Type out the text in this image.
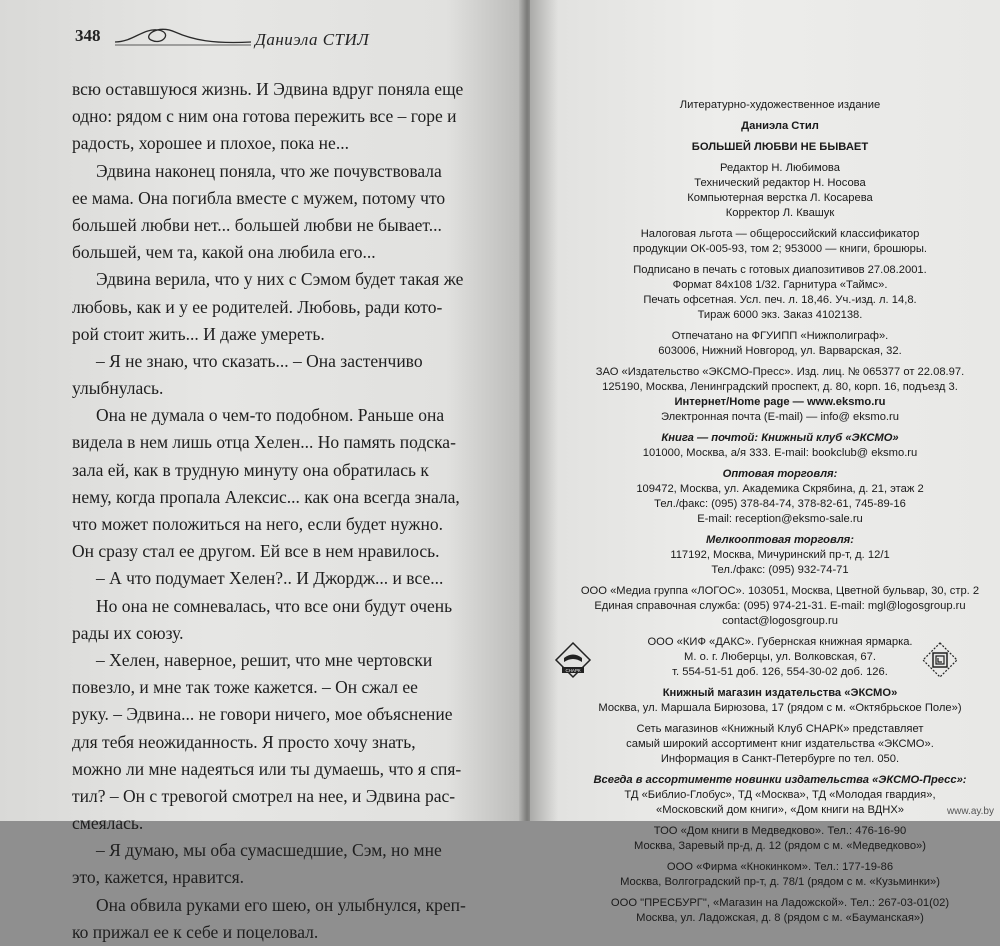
348	Даниэла СТИЛ
всю оставшуюся жизнь. И Эдвина вдруг поняла еще
одно: рядом с ним она готова пережить все – горе и
радость, хорошее и плохое, пока не...
Эдвина наконец поняла, что же почувствовала
ее мама. Она погибла вместе с мужем, потому что
большей любви нет... большей любви не бывает...
большей, чем та, какой она любила его...
Эдвина верила, что у них с Сэмом будет такая же
любовь, как и у ее родителей. Любовь, ради кото-
рой стоит жить... И даже умереть.
– Я не знаю, что сказать... – Она застенчиво
улыбнулась.
Она не думала о чем-то подобном. Раньше она
видела в нем лишь отца Хелен... Но память подска-
зала ей, как в трудную минуту она обратилась к
нему, когда пропала Алексис... как она всегда знала,
что может положиться на него, если будет нужно.
Он сразу стал ее другом. Ей все в нем нравилось.
– А что подумает Хелен?.. И Джордж... и все...
Но она не сомневалась, что все они будут очень
рады их союзу.
– Хелен, наверное, решит, что мне чертовски
повезло, и мне так тоже кажется. – Он сжал ее
руку. – Эдвина... не говори ничего, мое объяснение
для тебя неожиданность. Я просто хочу знать,
можно ли мне надеяться или ты думаешь, что я спя-
тил? – Он с тревогой смотрел на нее, и Эдвина рас-
смеялась.
– Я думаю, мы оба сумасшедшие, Сэм, но мне
это, кажется, нравится.
Она обвила руками его шею, он улыбнулся, креп-
ко прижал ее к себе и поцеловал.
Литературно-художественное издание
Даниэла Стил
БОЛЬШЕЙ ЛЮБВИ НЕ БЫВАЕТ
Редактор Н. Любимова
Технический редактор Н. Носова
Компьютерная верстка Л. Косарева
Корректор Л. Квашук
Налоговая льгота — общероссийский классификатор
продукции ОК-005-93, том 2; 953000 — книги, брошюры.
Подписано в печать с готовых диапозитивов 27.08.2001.
Формат 84х108 1/32. Гарнитура «Таймс».
Печать офсетная. Усл. печ. л. 18,46. Уч.-изд. л. 14,8.
Тираж 6000 экз. Заказ 4102138.
Отпечатано на ФГУИПП «Нижполиграф».
603006, Нижний Новгород, ул. Варварская, 32.
ЗАО «Издательство «ЭКСМО-Пресс». Изд. лиц. № 065377 от 22.08.97.
125190, Москва, Ленинградский проспект, д. 80, корп. 16, подъезд 3.
Интернет/Home page — www.eksmo.ru
Электронная почта (E-mail) — info@ eksmo.ru
Книга — почтой: Книжный клуб «ЭКСМО»
101000, Москва, а/я 333. E-mail: bookclub@ eksmo.ru
Оптовая торговля:
109472, Москва, ул. Академика Скрябина, д. 21, этаж 2
Тел./факс: (095) 378-84-74, 378-82-61, 745-89-16
E-mail: reception@eksmo-sale.ru
Мелкооптовая торговля:
117192, Москва, Мичуринский пр-т, д. 12/1
Тел./факс: (095) 932-74-71
ООО «Медиа группа «ЛОГОС». 103051, Москва, Цветной бульвар, 30, стр. 2
Единая справочная служба: (095) 974-21-31. E-mail: mgl@logosgroup.ru
contact@logosgroup.ru
ООО «КИФ «ДАКС». Губернская книжная ярмарка.
М. о. г. Люберцы, ул. Волковская, 67.
т. 554-51-51 доб. 126, 554-30-02 доб. 126.
Книжный магазин издательства «ЭКСМО»
Москва, ул. Маршала Бирюзова, 17 (рядом с м. «Октябрьское Поле»)
Сеть магазинов «Книжный Клуб СНАРК» представляет
самый широкий ассортимент книг издательства «ЭКСМО».
Информация в Санкт-Петербурге по тел. 050.
Всегда в ассортименте новинки издательства «ЭКСМО-Пресс»:
ТД «Библио-Глобус», ТД «Москва», ТД «Молодая гвардия»,
«Московский дом книги», «Дом книги на ВДНХ»
ТОО «Дом книги в Медведково». Тел.: 476-16-90
Москва, Заревый пр-д, д. 12 (рядом с м. «Медведково»)
ООО «Фирма «Кнокинком». Тел.: 177-19-86
Москва, Волгоградский пр-т, д. 78/1 (рядом с м. «Кузьминки»)
ООО "ПРЕСБУРГ", «Магазин на Ладожской». Тел.: 267-03-01(02)
Москва, ул. Ладожская, д. 8 (рядом с м. «Бауманская»)
СНАРК
www.ay.by
